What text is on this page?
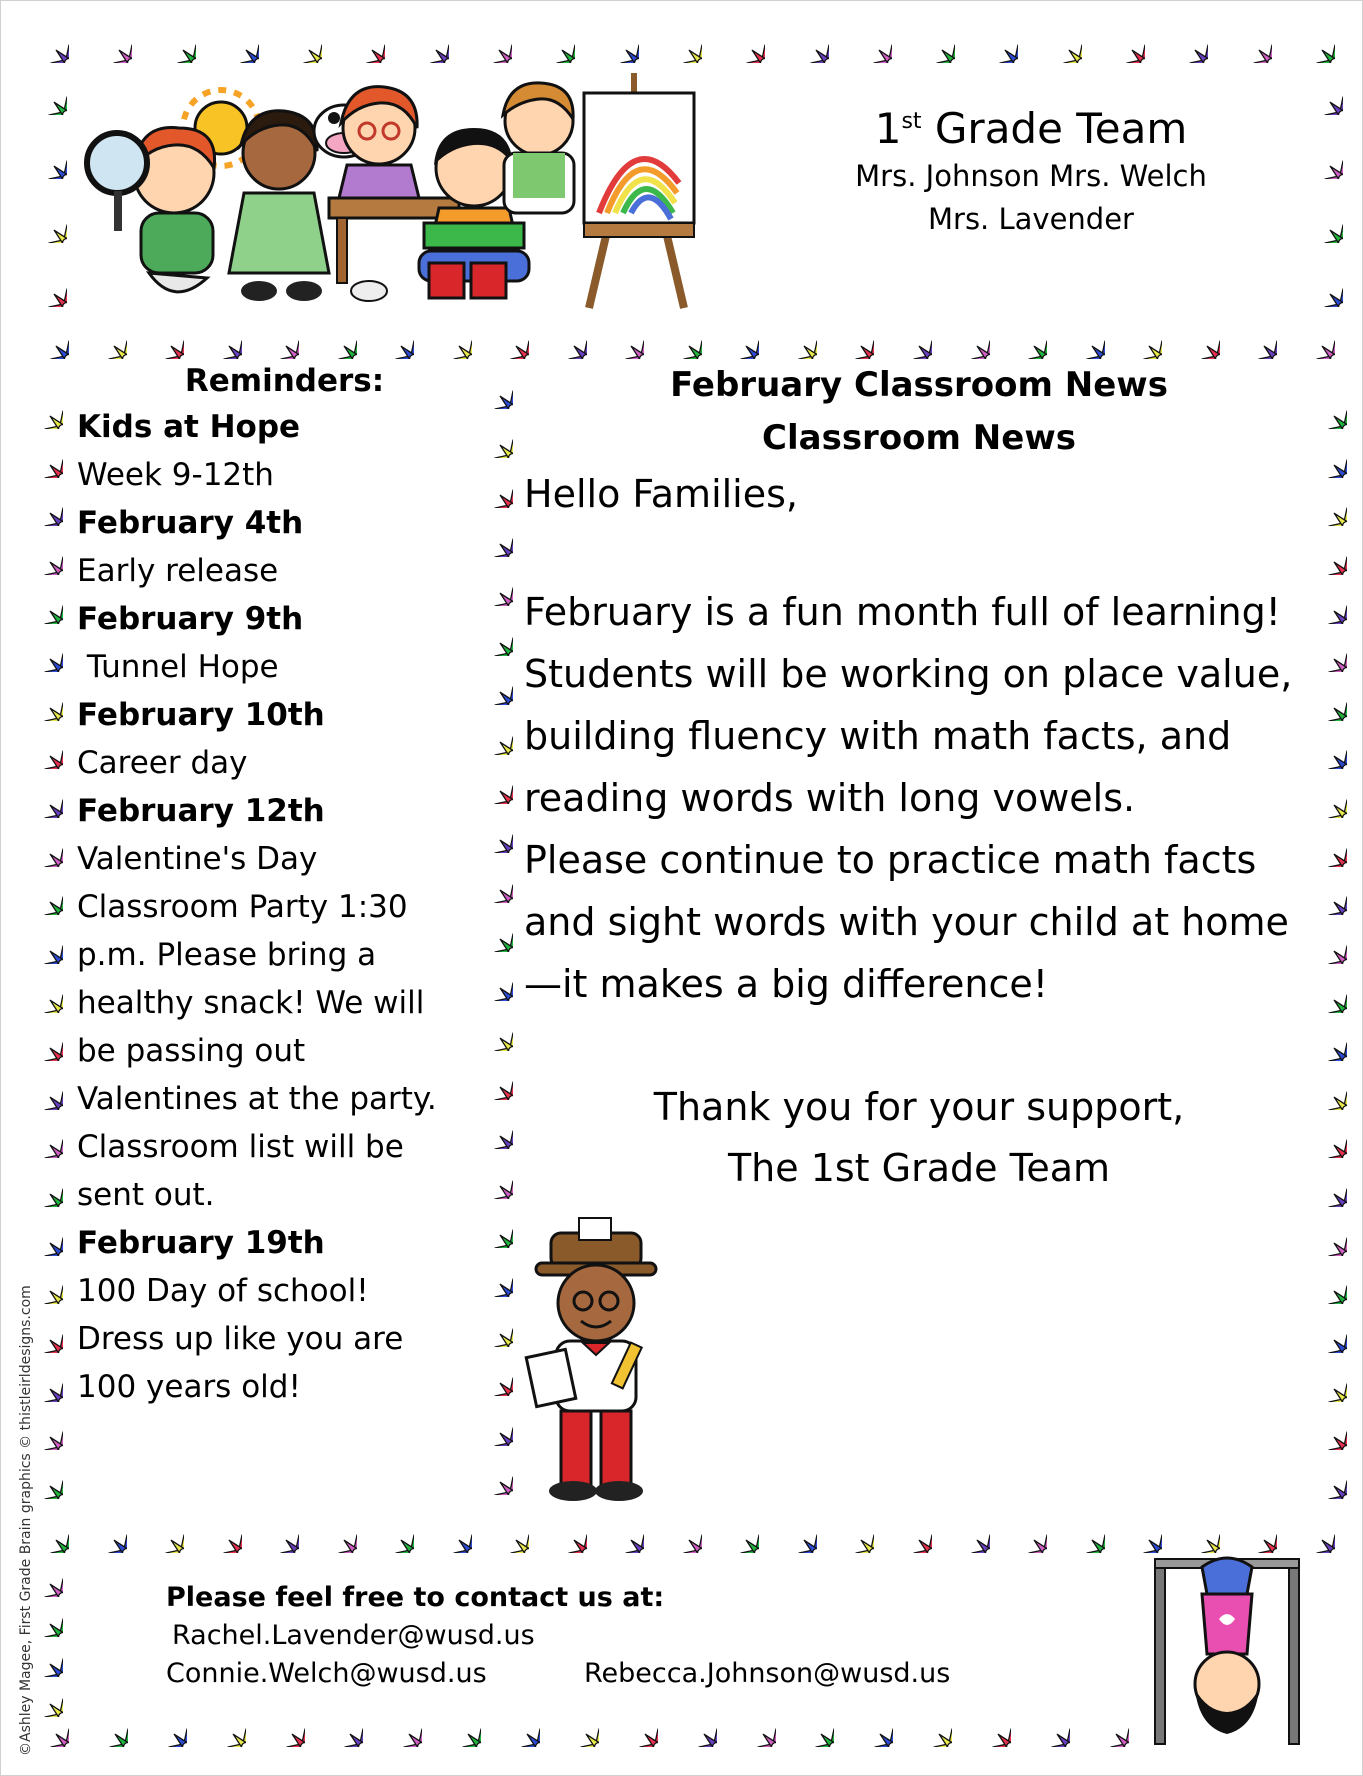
1st Grade Team
Mrs. Johnson Mrs. Welch
Mrs. Lavender
Reminders:
Kids at Hope
Week 9-12th
February 4th
Early release
February 9th
Tunnel Hope
February 10th
Career day
February 12th
Valentine's Day
Classroom Party 1:30
p.m. Please bring a
healthy snack! We will
be passing out
Valentines at the party.
Classroom list will be
sent out.
February 19th
100 Day of school!
Dress up like you are
100 years old!
February Classroom News
Classroom News
Hello Families,
February is a fun month full of learning! Students will be working on place value, building fluency with math facts, and reading words with long vowels.
Please continue to practice math facts and sight words with your child at home—it makes a big difference!
Thank you for your support,
The 1st Grade Team
Please feel free to contact us at:
Rachel.Lavender@wusd.us
Connie.Welch@wusd.us	Rebecca.Johnson@wusd.us
©Ashley Magee, First Grade Brain graphics © thistleirldesigns.com
